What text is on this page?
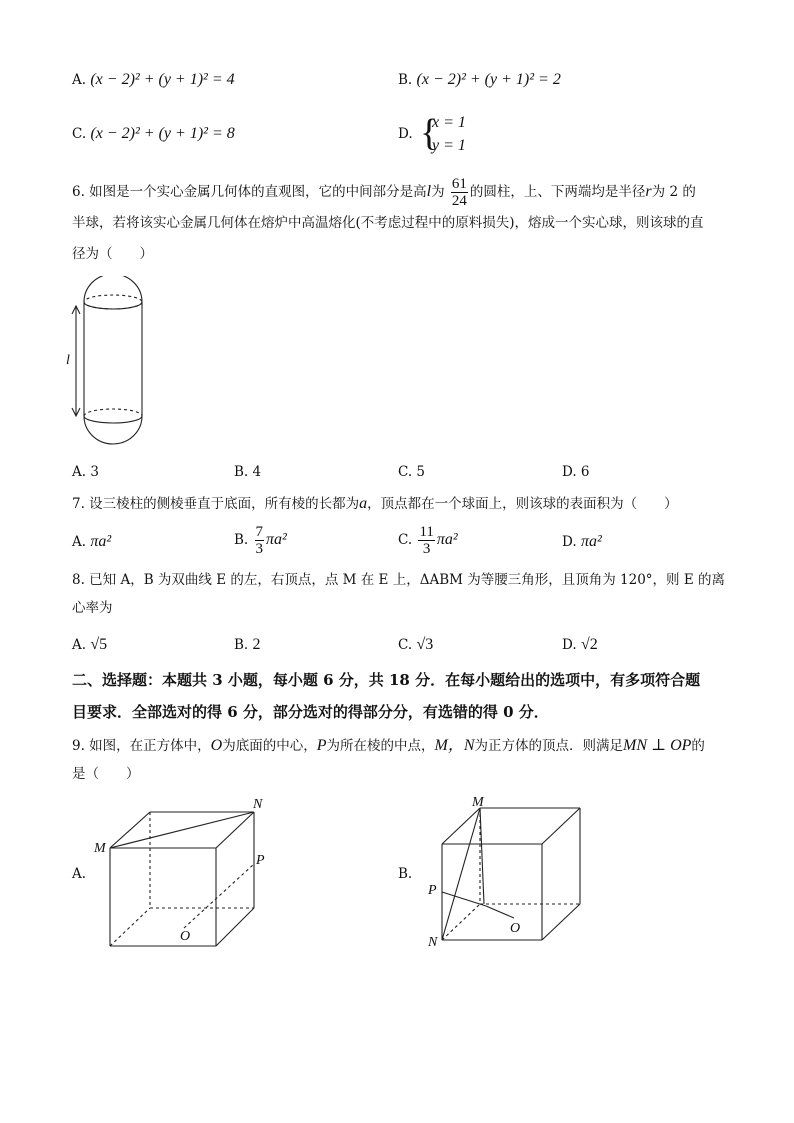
A. (x − 2)² + (y + 1)² = 4	B. (x − 2)² + (y + 1)² = 2
C. (x − 2)² + (y + 1)² = 8	D. {
x = 1
y = 1
6. 如图是一个实心金属几何体的直观图，它的中间部分是高l为 $\frac{61}{24}$ 的圆柱，上、下两端均是半径r为 2 的
半球，若将该实心金属几何体在熔炉中高温熔化(不考虑过程中的原料损失)，熔成一个实心球，则该球的直
径为（　　）
l
A. 3	B. 4	C. 5	D. 6
7. 设三棱柱的侧棱垂直于底面，所有棱的长都为a，顶点都在一个球面上，则该球的表面积为（　　）
A. πa²	B. $\frac{7}{3} \pi a^2$	C. $\frac{11}{3} \pi a^2$	D. πa²
8. 已知 A，B 为双曲线 E 的左，右顶点，点 M 在 E 上，ΔABM 为等腰三角形，且顶角为 120°，则 E 的离
心率为
A. √5	B. 2	C. √3	D. √2
二、选择题：本题共 3 小题，每小题 6 分，共 18 分．在每小题给出的选项中，有多项符合题
目要求．全部选对的得 6 分，部分选对的得部分分，有选错的得 0 分．
9. 如图，在正方体中，O为底面的中心，P为所在棱的中点，M，N为正方体的顶点．则满足MN ⊥ OP的
是（　　）
A.
M
N
P
O
B.
M
N
P
O
